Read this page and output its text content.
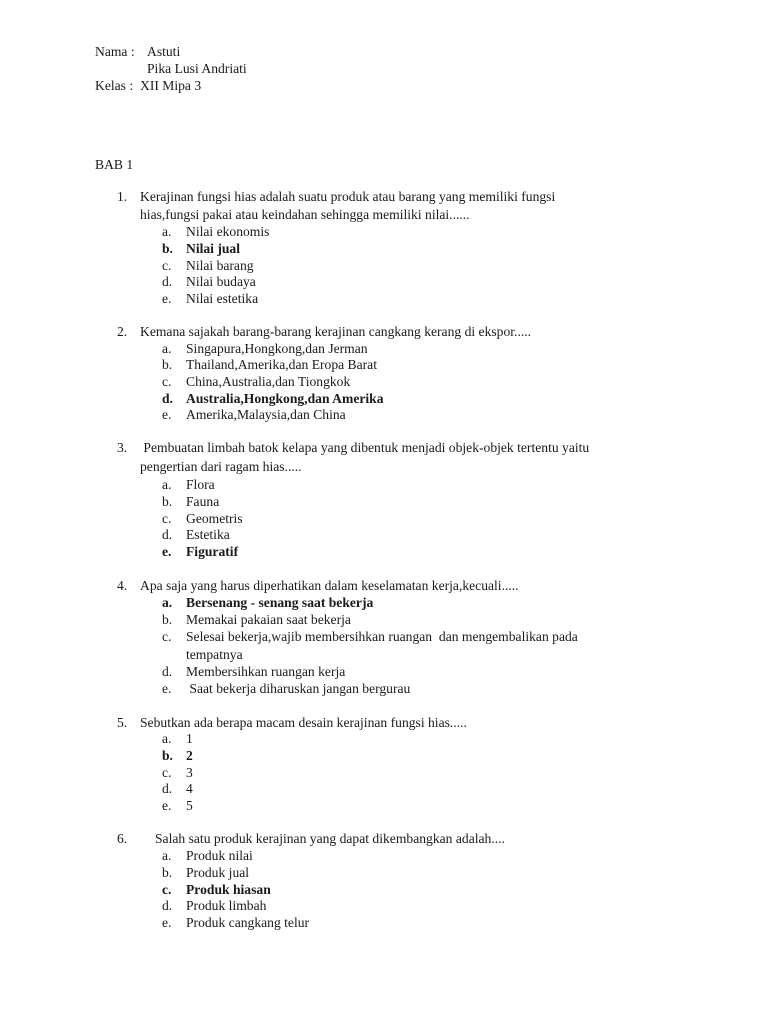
Nama : Astuti
Pika Lusi Andriati
Kelas : XII Mipa 3
BAB 1
1. Kerajinan fungsi hias adalah suatu produk atau barang yang memiliki fungsi
hias,fungsi pakai atau keindahan sehingga memiliki nilai......
a. Nilai ekonomis
b. Nilai jual
c. Nilai barang
d. Nilai budaya
e. Nilai estetika
2. Kemana sajakah barang-barang kerajinan cangkang kerang di ekspor.....
a. Singapura,Hongkong,dan Jerman
b. Thailand,Amerika,dan Eropa Barat
c. China,Australia,dan Tiongkok
d. Australia,Hongkong,dan Amerika
e. Amerika,Malaysia,dan China
3. Pembuatan limbah batok kelapa yang dibentuk menjadi objek-objek tertentu yaitu
pengertian dari ragam hias.....
a. Flora
b. Fauna
c. Geometris
d. Estetika
e. Figuratif
4. Apa saja yang harus diperhatikan dalam keselamatan kerja,kecuali.....
a. Bersenang - senang saat bekerja
b. Memakai pakaian saat bekerja
c. Selesai bekerja,wajib membersihkan ruangan  dan mengembalikan pada
tempatnya
d. Membersihkan ruangan kerja
e. Saat bekerja diharuskan jangan bergurau
5. Sebutkan ada berapa macam desain kerajinan fungsi hias.....
a. 1
b. 2
c. 3
d. 4
e. 5
6. Salah satu produk kerajinan yang dapat dikembangkan adalah....
a. Produk nilai
b. Produk jual
c. Produk hiasan
d. Produk limbah
e. Produk cangkang telur
